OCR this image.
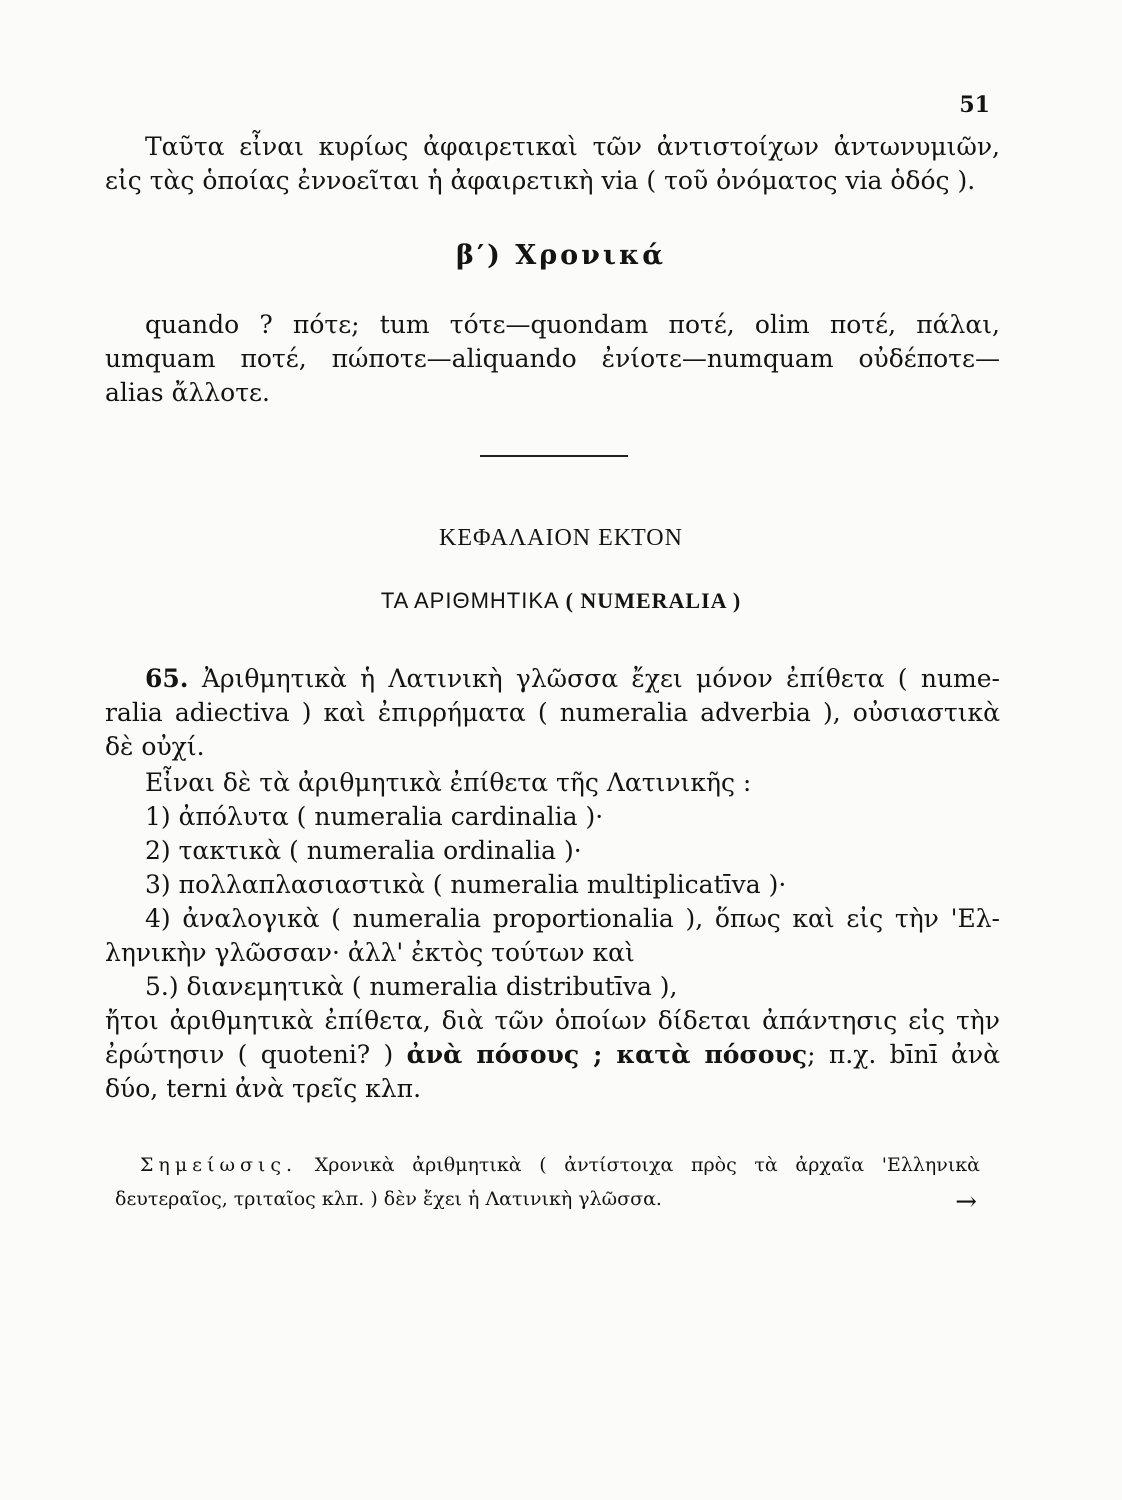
51
Ταῦτα εἶναι κυρίως ἀφαιρετικαὶ τῶν ἀντιστοίχων ἀντωνυμιῶν,
εἰς τὰς ὁποίας ἐννοεῖται ἡ ἀφαιρετικὴ via ( τοῦ ὀνόματος via ὁδός ).
β′) Χρονικά
quando ? πότε; tum τότε—quondam ποτέ, olim ποτέ, πάλαι,
umquam ποτέ, πώποτε—aliquando ἐνίοτε—numquam οὐδέποτε—
alias ἄλλοτε.
ΚΕΦΑΛΑΙΟΝ ΕΚΤΟΝ
ΤΑ ΑΡΙΘΜΗΤΙΚΑ ( NUMERALIA )
65. Ἀριθμητικὰ ἡ Λατινικὴ γλῶσσα ἔχει μόνον ἐπίθετα ( nume-
ralia adiectiva ) καὶ ἐπιρρήματα ( numeralia adverbia ), οὐσιαστικὰ
δὲ οὐχί.
Εἶναι δὲ τὰ ἀριθμητικὰ ἐπίθετα τῆς Λατινικῆς :
1) ἀπόλυτα ( numeralia cardinalia )·
2) τακτικὰ ( numeralia ordinalia )·
3) πολλαπλασιαστικὰ ( numeralia multiplicatīva )·
4) ἀναλογικὰ ( numeralia proportionalia ), ὅπως καὶ εἰς τὴν 'Ελ-
ληνικὴν γλῶσσαν· ἀλλ' ἐκτὸς τούτων καὶ
5.) διανεμητικὰ ( numeralia distributīva ),
ἤτοι ἀριθμητικὰ ἐπίθετα, διὰ τῶν ὁποίων δίδεται ἀπάντησις εἰς τὴν
ἐρώτησιν ( quoteni? ) ἀνὰ πόσους ; κατὰ πόσους; π.χ. bīnī ἀνὰ
δύο, terni ἀνὰ τρεῖς κλπ.
Σημείωσις. Χρονικὰ ἀριθμητικὰ ( ἀντίστοιχα πρὸς τὰ ἀρχαῖα 'Ελληνικὰ
δευτεραῖος, τριταῖος κλπ. ) δὲν ἔχει ἡ Λατινικὴ γλῶσσα.	→
